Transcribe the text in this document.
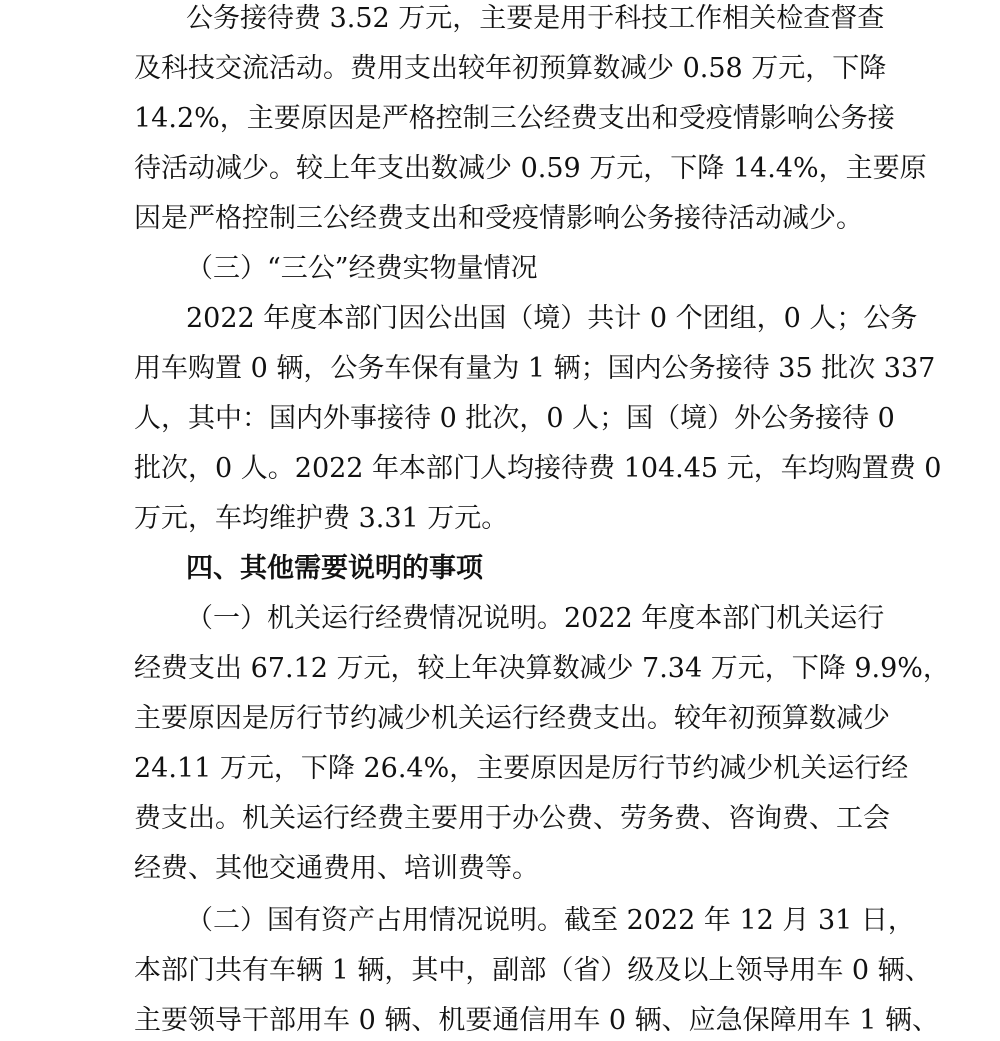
公务接待费 3.52 万元，主要是用于科技工作相关检查督查
及科技交流活动。费用支出较年初预算数减少 0.58 万元，下降
14.2%，主要原因是严格控制三公经费支出和受疫情影响公务接
待活动减少。较上年支出数减少 0.59 万元，下降 14.4%，主要原
因是严格控制三公经费支出和受疫情影响公务接待活动减少。
（三）“三公”经费实物量情况
2022 年度本部门因公出国（境）共计 0 个团组，0 人；公务
用车购置 0 辆，公务车保有量为 1 辆；国内公务接待 35 批次 337
人，其中：国内外事接待 0 批次，0 人；国（境）外公务接待 0
批次，0 人。2022 年本部门人均接待费 104.45 元，车均购置费 0
万元，车均维护费 3.31 万元。
四、其他需要说明的事项
（一）机关运行经费情况说明。2022 年度本部门机关运行
经费支出 67.12 万元，较上年决算数减少 7.34 万元，下降 9.9%，
主要原因是厉行节约减少机关运行经费支出。较年初预算数减少
24.11 万元，下降 26.4%，主要原因是厉行节约减少机关运行经
费支出。机关运行经费主要用于办公费、劳务费、咨询费、工会
经费、其他交通费用、培训费等。
（二）国有资产占用情况说明。截至 2022 年 12 月 31 日，
本部门共有车辆 1 辆，其中，副部（省）级及以上领导用车 0 辆、
主要领导干部用车 0 辆、机要通信用车 0 辆、应急保障用车 1 辆、
